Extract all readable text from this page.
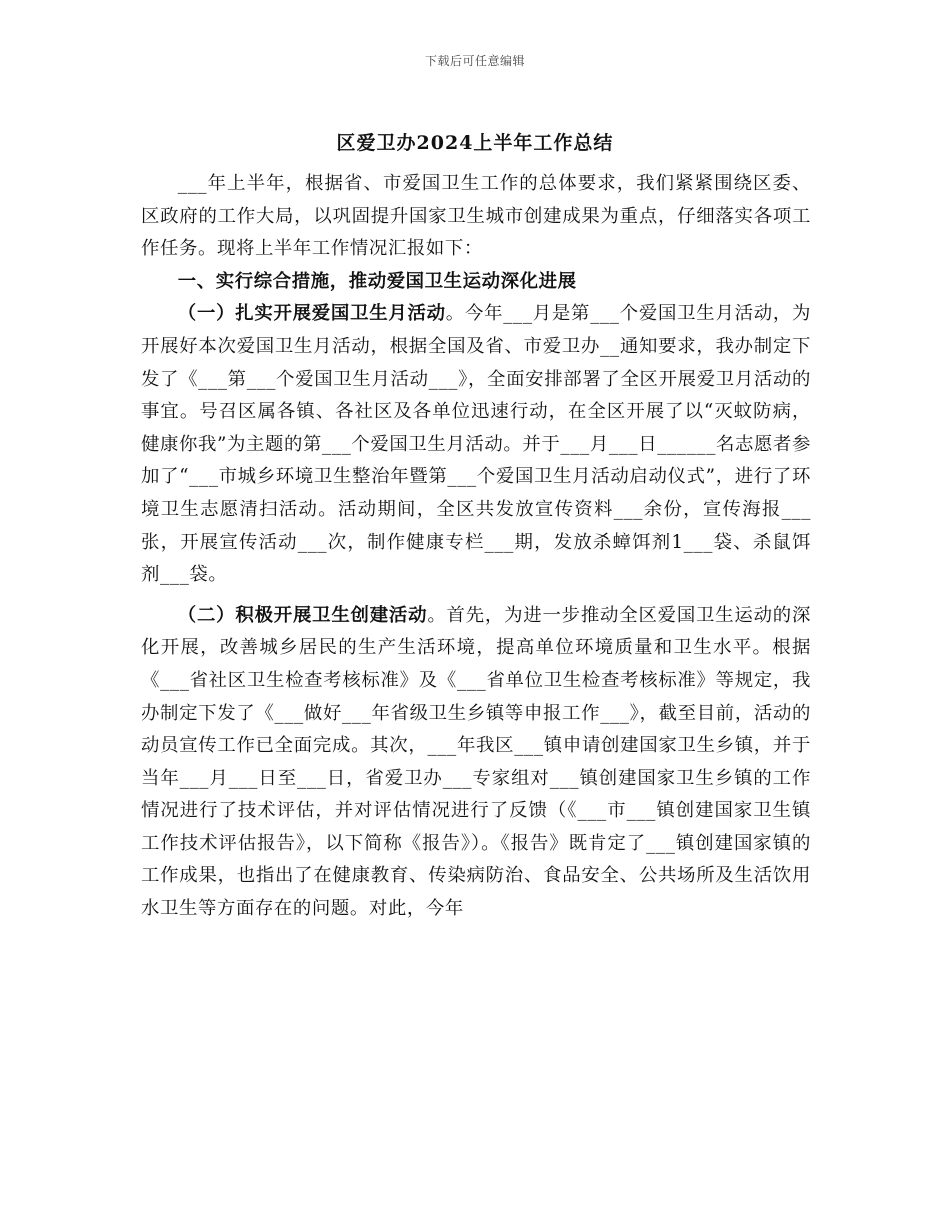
下载后可任意编辑
区爱卫办2024上半年工作总结

___年上半年，根据省、市爱国卫生工作的总体要求，我们紧紧围绕区委、区政府的工作大局，以巩固提升国家卫生城市创建成果为重点，仔细落实各项工作任务。现将上半年工作情况汇报如下：

一、实行综合措施，推动爱国卫生运动深化进展

（一）扎实开展爱国卫生月活动。今年___月是第___个爱国卫生月活动，为开展好本次爱国卫生月活动，根据全国及省、市爱卫办__通知要求，我办制定下发了《___第___个爱国卫生月活动___》，全面安排部署了全区开展爱卫月活动的事宜。号召区属各镇、各社区及各单位迅速行动，在全区开展了以“灭蚊防病，健康你我”为主题的第___个爱国卫生月活动。并于___月___日______名志愿者参加了“___市城乡环境卫生整治年暨第___个爱国卫生月活动启动仪式”，进行了环境卫生志愿清扫活动。活动期间，全区共发放宣传资料___余份，宣传海报___张，开展宣传活动___次，制作健康专栏___期，发放杀蟑饵剂1___袋、杀鼠饵剂___袋。

（二）积极开展卫生创建活动。首先，为进一步推动全区爱国卫生运动的深化开展，改善城乡居民的生产生活环境，提高单位环境质量和卫生水平。根据《___省社区卫生检查考核标准》及《___省单位卫生检查考核标准》等规定，我办制定下发了《___做好___年省级卫生乡镇等申报工作___》，截至目前，活动的动员宣传工作已全面完成。其次，___年我区___镇申请创建国家卫生乡镇，并于当年___月___日至___日，省爱卫办___专家组对___镇创建国家卫生乡镇的工作情况进行了技术评估，并对评估情况进行了反馈（《___市___镇创建国家卫生镇工作技术评估报告》，以下简称《报告》）。《报告》既肯定了___镇创建国家镇的工作成果，也指出了在健康教育、传染病防治、食品安全、公共场所及生活饮用水卫生等方面存在的问题。对此，今年
